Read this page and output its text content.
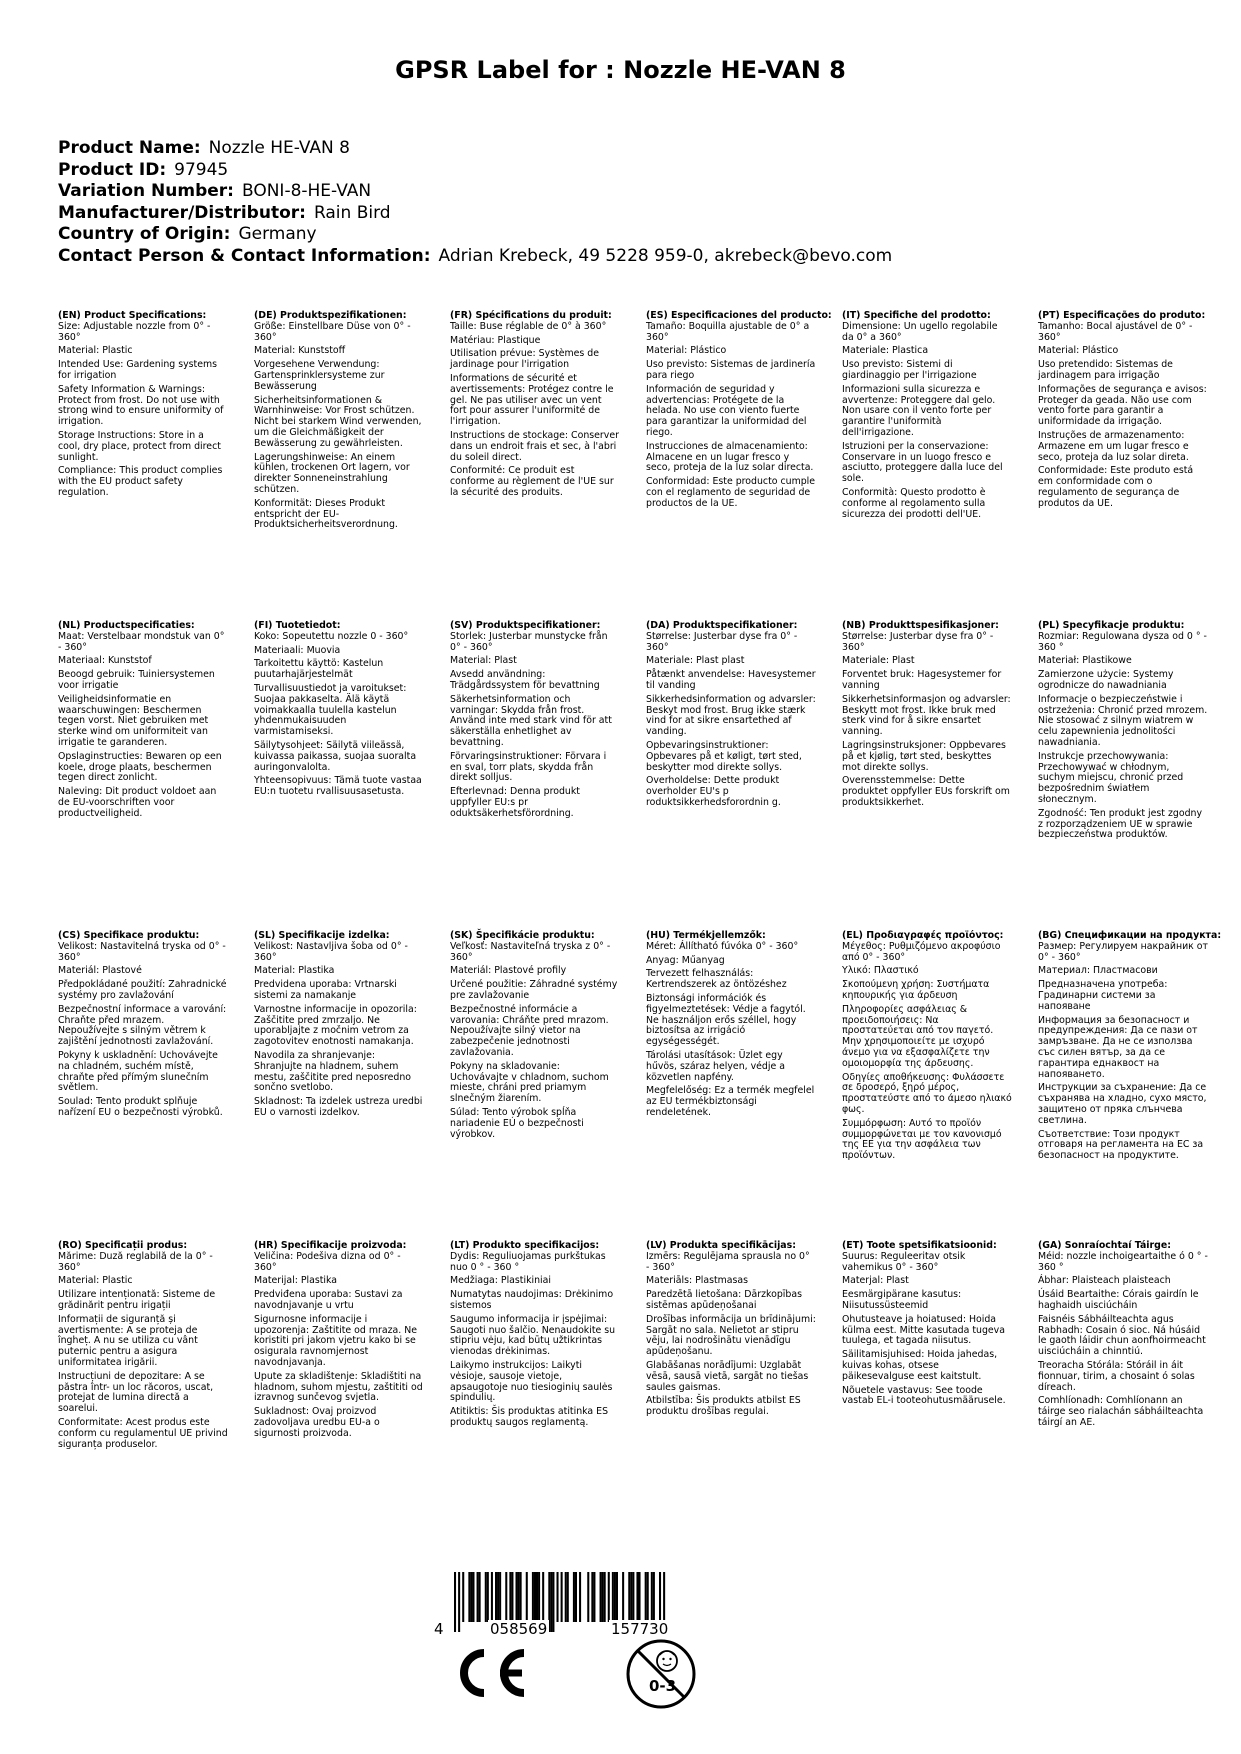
GPSR Label for : Nozzle HE-VAN 8
Product Name: Nozzle HE-VAN 8
Product ID: 97945
Variation Number: BONI-8-HE-VAN
Manufacturer/Distributor: Rain Bird
Country of Origin: Germany
Contact Person & Contact Information: Adrian Krebeck, 49 5228 959-0, akrebeck@bevo.com
(EN) Product Specifications:

Size: Adjustable nozzle from 0° - 360°

Material: Plastic

Intended Use: Gardening systems for irrigation

Safety Information & Warnings: Protect from frost. Do not use with strong wind to ensure uniformity of irrigation.

Storage Instructions: Store in a cool, dry place, protect from direct sunlight.

Compliance: This product complies with the EU product safety regulation.

(DE) Produktspezifikationen:

Größe: Einstellbare Düse von 0° - 360°

Material: Kunststoff

Vorgesehene Verwendung: Gartensprinklersysteme zur Bewässerung

Sicherheitsinformationen & Warnhinweise: Vor Frost schützen. Nicht bei starkem Wind verwenden, um die Gleichmäßigkeit der Bewässerung zu gewährleisten.

Lagerungshinweise: An einem kühlen, trockenen Ort lagern, vor direkter Sonneneinstrahlung schützen.

Konformität: Dieses Produkt entspricht der EU-Produktsicherheitsverordnung.

(FR) Spécifications du produit:

Taille: Buse réglable de 0° à 360°

Matériau: Plastique

Utilisation prévue: Systèmes de jardinage pour l'irrigation

Informations de sécurité et avertissements: Protégez contre le gel. Ne pas utiliser avec un vent fort pour assurer l'uniformité de l'irrigation.

Instructions de stockage: Conserver dans un endroit frais et sec, à l'abri du soleil direct.

Conformité: Ce produit est conforme au règlement de l'UE sur la sécurité des produits.

(ES) Especificaciones del producto:

Tamaño: Boquilla ajustable de 0° a 360°

Material: Plástico

Uso previsto: Sistemas de jardinería para riego

Información de seguridad y advertencias: Protégete de la helada. No use con viento fuerte para garantizar la uniformidad del riego.

Instrucciones de almacenamiento: Almacene en un lugar fresco y seco, proteja de la luz solar directa.

Conformidad: Este producto cumple con el reglamento de seguridad de productos de la UE.

(IT) Specifiche del prodotto:

Dimensione: Un ugello regolabile da 0° a 360°

Materiale: Plastica

Uso previsto: Sistemi di giardinaggio per l'irrigazione

Informazioni sulla sicurezza e avvertenze: Proteggere dal gelo. Non usare con il vento forte per garantire l'uniformità dell'irrigazione.

Istruzioni per la conservazione: Conservare in un luogo fresco e asciutto, proteggere dalla luce del sole.

Conformità: Questo prodotto è conforme al regolamento sulla sicurezza dei prodotti dell'UE.

(PT) Especificações do produto:

Tamanho: Bocal ajustável de 0° - 360°

Material: Plástico

Uso pretendido: Sistemas de jardinagem para irrigação

Informações de segurança e avisos: Proteger da geada. Não use com vento forte para garantir a uniformidade da irrigação.

Instruções de armazenamento: Armazene em um lugar fresco e seco, proteja da luz solar direta.

Conformidade: Este produto está em conformidade com o regulamento de segurança de produtos da UE.

(NL) Productspecificaties:

Maat: Verstelbaar mondstuk van 0° - 360°

Materiaal: Kunststof

Beoogd gebruik: Tuiniersystemen voor irrigatie

Veiligheidsinformatie en waarschuwingen: Beschermen tegen vorst. Niet gebruiken met sterke wind om uniformiteit van irrigatie te garanderen.

Opslaginstructies: Bewaren op een koele, droge plaats, beschermen tegen direct zonlicht.

Naleving: Dit product voldoet aan de EU-voorschriften voor productveiligheid.

(FI) Tuotetiedot:

Koko: Sopeutettu nozzle 0 - 360°

Materiaali: Muovia

Tarkoitettu käyttö: Kastelun puutarhajärjestelmät

Turvallisuustiedot ja varoitukset: Suojaa pakkaselta. Älä käytä voimakkaalla tuulella kastelun yhdenmukaisuuden varmistamiseksi.

Säilytysohjeet: Säilytä viileässä, kuivassa paikassa, suojaa suoralta auringonvalolta.

Yhteensopivuus: Tämä tuote vastaa EU:n tuotetu rvallisuusasetusta.

(SV) Produktspecifikationer:

Storlek: Justerbar munstycke från 0° - 360°

Material: Plast

Avsedd användning: Trädgårdssystem för bevattning

Säkerhetsinformation och varningar: Skydda från frost. Använd inte med stark vind för att säkerställa enhetlighet av bevattning.

Förvaringsinstruktioner: Förvara i en sval, torr plats, skydda från direkt solljus.

Efterlevnad: Denna produkt uppfyller EU:s pr oduktsäkerhetsförordning.

(DA) Produktspecifikationer:

Størrelse: Justerbar dyse fra 0° - 360°

Materiale: Plast plast

Påtænkt anvendelse: Havesystemer til vanding

Sikkerhedsinformation og advarsler: Beskyt mod frost. Brug ikke stærk vind for at sikre ensartethed af vanding.

Opbevaringsinstruktioner: Opbevares på et køligt, tørt sted, beskytter mod direkte sollys.

Overholdelse: Dette produkt overholder EU's p roduktsikkerhedsforordnin g.

(NB) Produkttspesifikasjoner:

Størrelse: Justerbar dyse fra 0° - 360°

Materiale: Plast

Forventet bruk: Hagesystemer for vanning

Sikkerhetsinformasjon og advarsler: Beskytt mot frost. Ikke bruk med sterk vind for å sikre ensartet vanning.

Lagringsinstruksjoner: Oppbevares på et kjølig, tørt sted, beskyttes mot direkte sollys.

Overensstemmelse: Dette produktet oppfyller EUs forskrift om produktsikkerhet.

(PL) Specyfikacje produktu:

Rozmiar: Regulowana dysza od 0 ° - 360 °

Materiał: Plastikowe

Zamierzone użycie: Systemy ogrodnicze do nawadniania

Informacje o bezpieczeństwie i ostrzeżenia: Chronić przed mrozem. Nie stosować z silnym wiatrem w celu zapewnienia jednolitości nawadniania.

Instrukcje przechowywania: Przechowywać w chłodnym, suchym miejscu, chronić przed bezpośrednim światłem słonecznym.

Zgodność: Ten produkt jest zgodny z rozporządzeniem UE w sprawie bezpieczeństwa produktów.

(CS) Specifikace produktu:

Velikost: Nastavitelná tryska od 0° - 360°

Materiál: Plastové

Předpokládané použití: Zahradnické systémy pro zavlažování

Bezpečnostní informace a varování: Chraňte před mrazem. Nepoužívejte s silným větrem k zajištění jednotnosti zavlažování.

Pokyny k uskladnění: Uchovávejte na chladném, suchém místě, chraňte před přímým slunečním světlem.

Soulad: Tento produkt splňuje nařízení EU o bezpečnosti výrobků.

(SL) Specifikacije izdelka:

Velikost: Nastavljiva šoba od 0° - 360°

Material: Plastika

Predvidena uporaba: Vrtnarski sistemi za namakanje

Varnostne informacije in opozorila: Zaščitite pred zmrzaljo. Ne uporabljajte z močnim vetrom za zagotovitev enotnosti namakanja.

Navodila za shranjevanje: Shranjujte na hladnem, suhem mestu, zaščitite pred neposredno sončno svetlobo.

Skladnost: Ta izdelek ustreza uredbi EU o varnosti izdelkov.

(SK) Špecifikácie produktu:

Veľkosť: Nastaviteľná tryska z 0° - 360°

Materiál: Plastové profily

Určené použitie: Záhradné systémy pre zavlažovanie

Bezpečnostné informácie a varovania: Chráňte pred mrazom. Nepoužívajte silný vietor na zabezpečenie jednotnosti zavlažovania.

Pokyny na skladovanie: Uchovávajte v chladnom, suchom mieste, chráni pred priamym slnečným žiarením.

Súlad: Tento výrobok spĺňa nariadenie EÚ o bezpečnosti výrobkov.

(HU) Termékjellemzők:

Méret: Állítható fúvóka 0° - 360°

Anyag: Műanyag

Tervezett felhasználás: Kertrendszerek az öntözéshez

Biztonsági információk és figyelmeztetések: Védje a fagytól. Ne használjon erős széllel, hogy biztosítsa az irrigáció egységességét.

Tárolási utasítások: Üzlet egy hűvös, száraz helyen, védje a közvetlen napfény.

Megfelelőség: Ez a termék megfelel az EU termékbiztonsági rendeletének.

(EL) Προδιαγραφές προϊόντος:

Μέγεθος: Ρυθμιζόμενο ακροφύσιο από 0° - 360°

Υλικό: Πλαστικό

Σκοπούμενη χρήση: Συστήματα κηπουρικής για άρδευση

Πληροφορίες ασφάλειας & προειδοποιήσεις: Να προστατεύεται από τον παγετό. Μην χρησιμοποιείτε με ισχυρό άνεμο για να εξασφαλίζετε την ομοιομορφία της άρδευσης.

Οδηγίες αποθήκευσης: Φυλάσσετε σε δροσερό, ξηρό μέρος, προστατεύστε από το άμεσο ηλιακό φως.

Συμμόρφωση: Αυτό το προϊόν συμμορφώνεται με τον κανονισμό της ΕΕ για την ασφάλεια των προϊόντων.

(BG) Спецификации на продукта:

Размер: Регулируем накрайник от 0° - 360°

Материал: Пластмасови

Предназначена употреба: Градинарни системи за напояване

Информация за безопасност и предупреждения: Да се пази от замръзване. Да не се използва със силен вятър, за да се гарантира еднаквост на напояването.

Инструкции за съхранение: Да се съхранява на хладно, сухо място, защитено от пряка слънчева светлина.

Съответствие: Този продукт отговаря на регламента на ЕС за безопасност на продуктите.

(RO) Specificații produs:

Mărime: Duză reglabilă de la 0° - 360°

Material: Plastic

Utilizare intenționată: Sisteme de grădinărit pentru irigații

Informații de siguranță și avertismente: A se proteja de îngheț. A nu se utiliza cu vânt puternic pentru a asigura uniformitatea irigării.

Instrucțiuni de depozitare: A se păstra într- un loc răcoros, uscat, protejat de lumina directă a soarelui.

Conformitate: Acest produs este conform cu regulamentul UE privind siguranța produselor.

(HR) Specifikacije proizvoda:

Veličina: Podešiva dizna od 0° - 360°

Materijal: Plastika

Predviđena uporaba: Sustavi za navodnjavanje u vrtu

Sigurnosne informacije i upozorenja: Zaštitite od mraza. Ne koristiti pri jakom vjetru kako bi se osigurala ravnomjernost navodnjavanja.

Upute za skladištenje: Skladištiti na hladnom, suhom mjestu, zaštititi od izravnog sunčevog svjetla.

Sukladnost: Ovaj proizvod zadovoljava uredbu EU-a o sigurnosti proizvoda.

(LT) Produkto specifikacijos:

Dydis: Reguliuojamas purkštukas nuo 0 ° - 360 °

Medžiaga: Plastikiniai

Numatytas naudojimas: Drėkinimo sistemos

Saugumo informacija ir įspėjimai: Saugoti nuo šalčio. Nenaudokite su stipriu vėju, kad būtų užtikrintas vienodas drėkinimas.

Laikymo instrukcijos: Laikyti vėsioje, sausoje vietoje, apsaugotoje nuo tiesioginių saulės spindulių.

Atitiktis: Šis produktas atitinka ES produktų saugos reglamentą.

(LV) Produkta specifikācijas:

Izmērs: Regulējama sprausla no 0° - 360°

Materiāls: Plastmasas

Paredzētā lietošana: Dārzkopības sistēmas apūdeņošanai

Drošības informācija un brīdinājumi: Sargāt no sala. Nelietot ar stipru vēju, lai nodrošinātu vienādīgu apūdeņošanu.

Glabāšanas norādījumi: Uzglabāt vēsā, sausā vietā, sargāt no tiešas saules gaismas.

Atbilstība: Šis produkts atbilst ES produktu drošības regulai.

(ET) Toote spetsifikatsioonid:

Suurus: Reguleeritav otsik vahemikus 0° - 360°

Materjal: Plast

Eesmärgipärane kasutus: Niisutussüsteemid

Ohutusteave ja hoiatused: Hoida külma eest. Mitte kasutada tugeva tuulega, et tagada niisutus.

Säilitamisjuhised: Hoida jahedas, kuivas kohas, otsese päikesevalguse eest kaitstult.

Nõuetele vastavus: See toode vastab EL-i tooteohutusmäärusele.

(GA) Sonraíochtaí Táirge:

Méid: nozzle inchoigeartaithe ó 0 ° - 360 °

Ábhar: Plaisteach plaisteach

Úsáid Beartaithe: Córais gairdín le haghaidh uisciúcháin

Faisnéis Sábháilteachta agus Rabhadh: Cosain ó sioc. Ná húsáid le gaoth láidir chun aonfhoirmeacht uisciúcháin a chinntiú.

Treoracha Stórála: Stóráil in áit fionnuar, tirim, a chosaint ó solas díreach.

Comhlíonadh: Comhlíonann an táirge seo rialachán sábháilteachta táirgí an AE.

4	058569	157730
0-3
